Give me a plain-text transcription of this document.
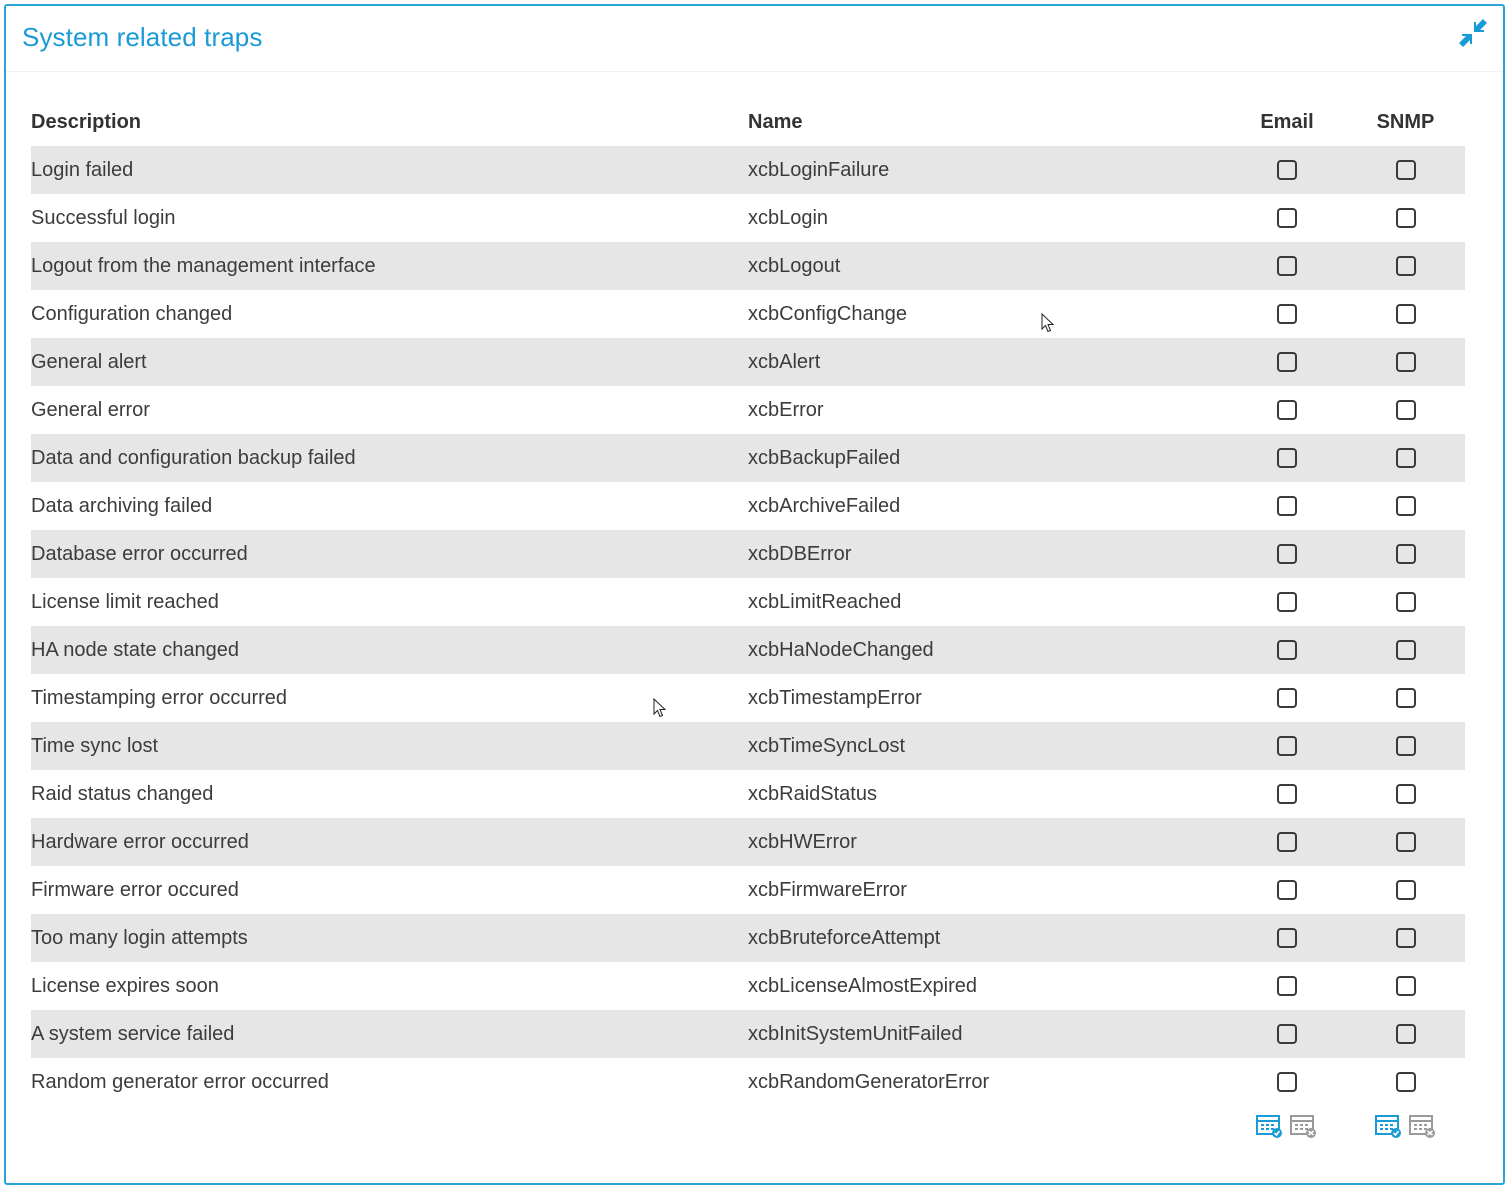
System related traps
Description	Name	Email	SNMP
Login failed	xcbLoginFailure		
Successful login	xcbLogin		
Logout from the management interface	xcbLogout		
Configuration changed	xcbConfigChange		
General alert	xcbAlert		
General error	xcbError		
Data and configuration backup failed	xcbBackupFailed		
Data archiving failed	xcbArchiveFailed		
Database error occurred	xcbDBError		
License limit reached	xcbLimitReached		
HA node state changed	xcbHaNodeChanged		
Timestamping error occurred	xcbTimestampError		
Time sync lost	xcbTimeSyncLost		
Raid status changed	xcbRaidStatus		
Hardware error occurred	xcbHWError		
Firmware error occured	xcbFirmwareError		
Too many login attempts	xcbBruteforceAttempt		
License expires soon	xcbLicenseAlmostExpired		
A system service failed	xcbInitSystemUnitFailed		
Random generator error occurred	xcbRandomGeneratorError		
